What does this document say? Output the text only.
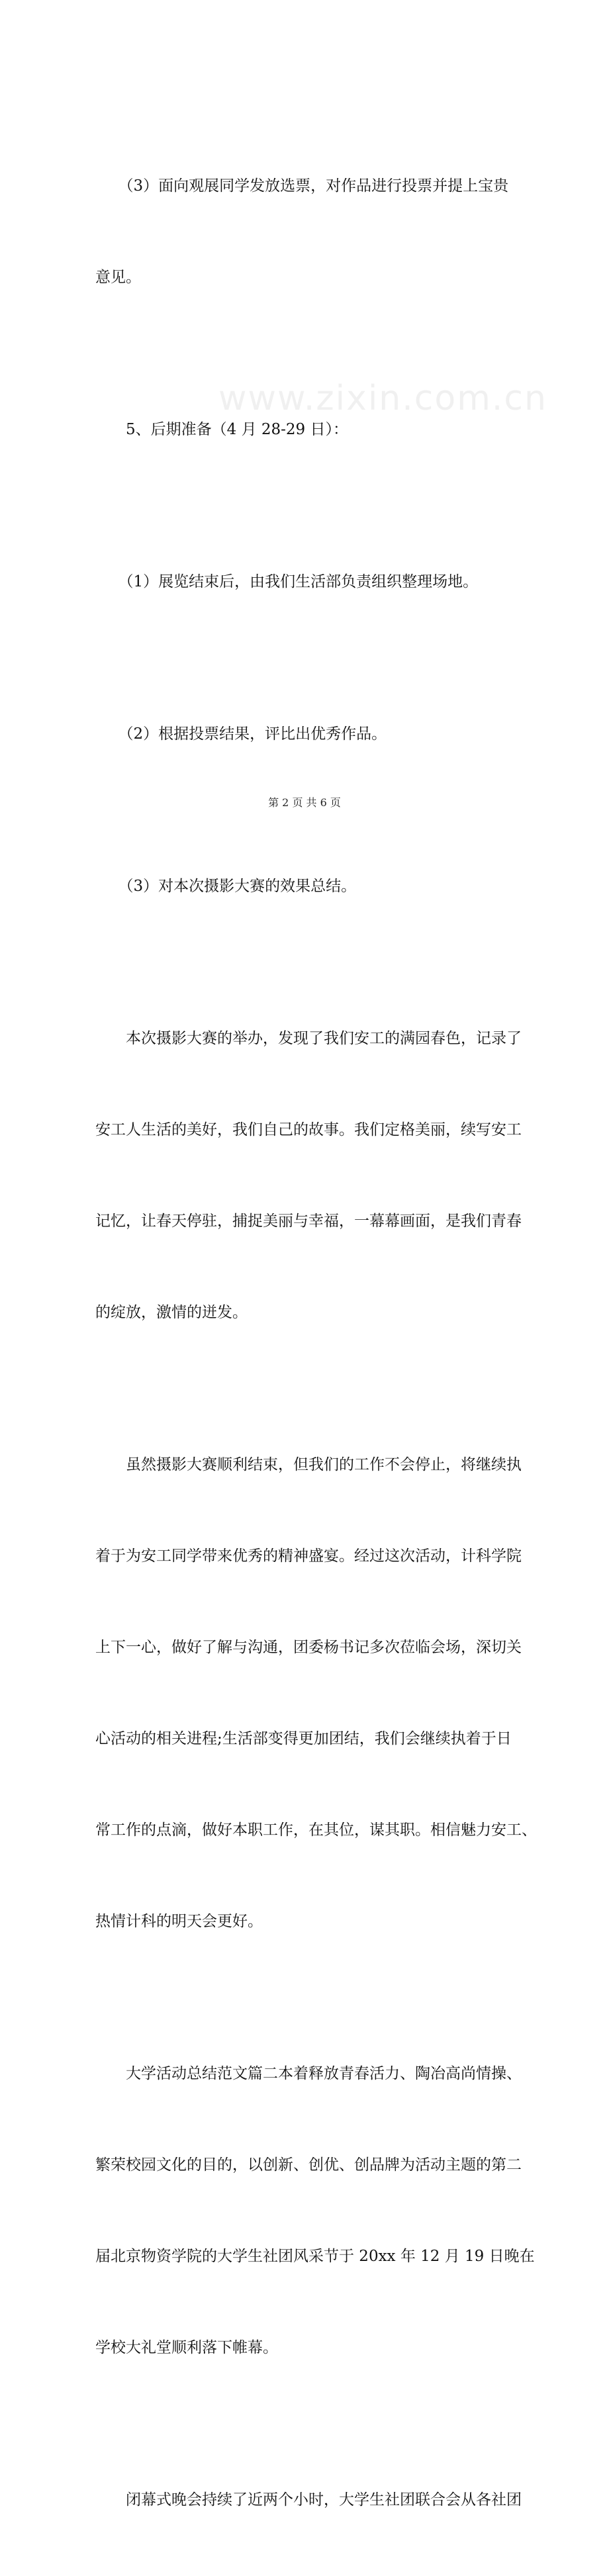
www.zixin.com.cn

　　（3）面向观展同学发放选票，对作品进行投票并提上宝贵

意见。

　　5、后期准备（4 月 28-29 日）：

　　（1）展览结束后，由我们生活部负责组织整理场地。

　　（2）根据投票结果，评比出优秀作品。

　　（3）对本次摄影大赛的效果总结。

　　本次摄影大赛的举办，发现了我们安工的满园春色，记录了

安工人生活的美好，我们自己的故事。我们定格美丽，续写安工

记忆，让春天停驻，捕捉美丽与幸福，一幕幕画面，是我们青春

的绽放，激情的迸发。

　　虽然摄影大赛顺利结束，但我们的工作不会停止，将继续执

着于为安工同学带来优秀的精神盛宴。经过这次活动，计科学院

上下一心，做好了解与沟通，团委杨书记多次莅临会场，深切关

心活动的相关进程;生活部变得更加团结，我们会继续执着于日

常工作的点滴，做好本职工作，在其位，谋其职。相信魅力安工、

热情计科的明天会更好。

　　大学活动总结范文篇二本着释放青春活力、陶冶高尚情操、

繁荣校园文化的目的，以创新、创优、创品牌为活动主题的第二

届北京物资学院的大学生社团风采节于 20xx 年 12 月 19 日晚在

学校大礼堂顺利落下帷幕。

　　闭幕式晚会持续了近两个小时，大学生社团联合会从各社团

第 2 页 共 6 页
